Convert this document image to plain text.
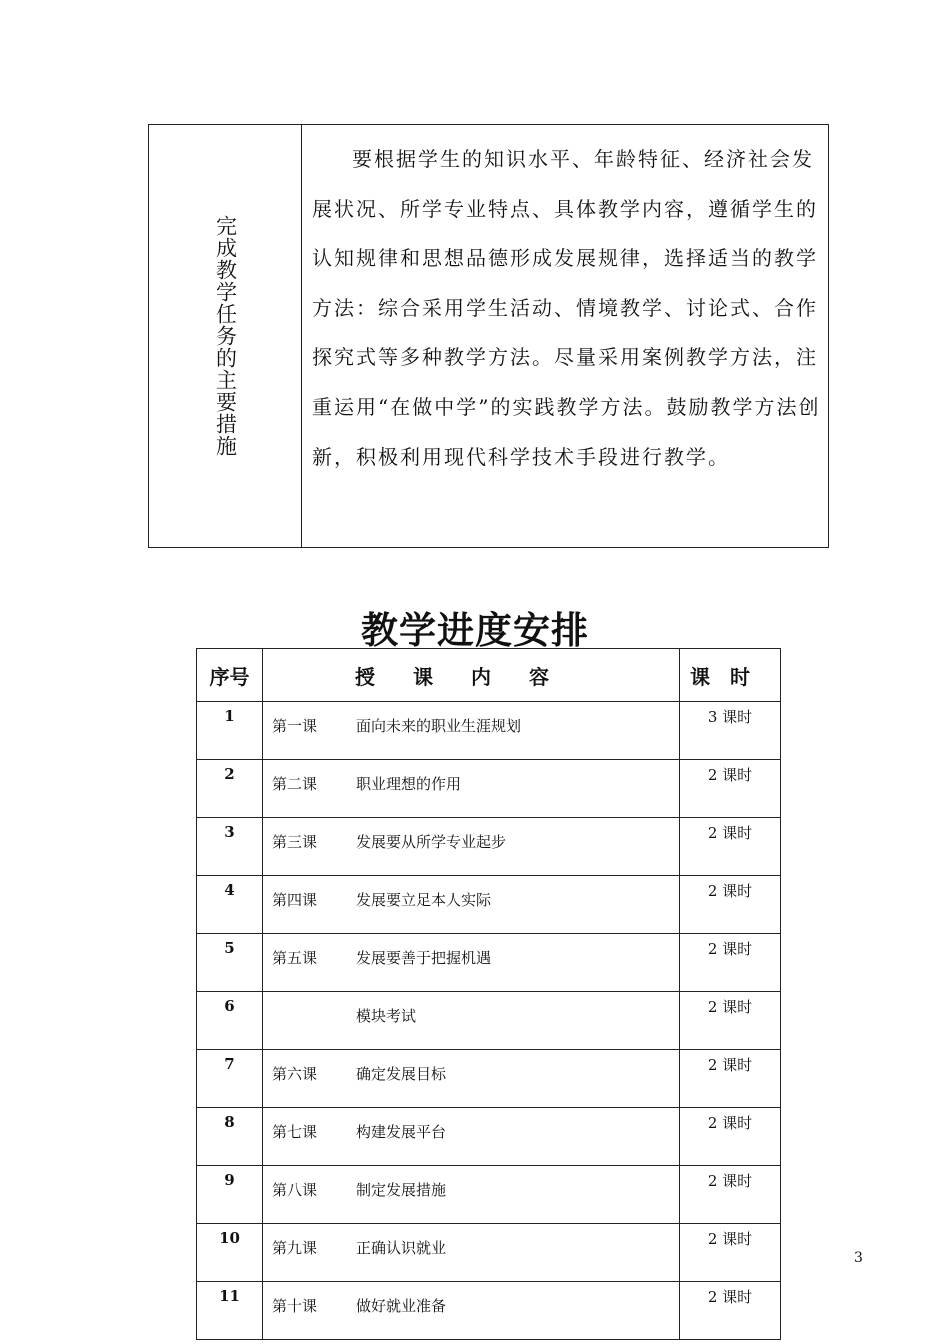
完成教学任务的主要措施

要根据学生的知识水平、年龄特征、经济社会发展状况、所学专业特点、具体教学内容，遵循学生的认知规律和思想品德形成发展规律，选择适当的教学方法：综合采用学生活动、情境教学、讨论式、合作探究式等多种教学方法。尽量采用案例教学方法，注重运用“在做中学”的实践教学方法。鼓励教学方法创新，积极利用现代科学技术手段进行教学。

教学进度安排
序号	授课内容	课时
1	第一课 面向未来的职业生涯规划	3 课时
2	第二课 职业理想的作用	2 课时
3	第三课 发展要从所学专业起步	2 课时
4	第四课 发展要立足本人实际	2 课时
5	第五课 发展要善于把握机遇	2 课时
6	模块考试	2 课时
7	第六课 确定发展目标	2 课时
8	第七课 构建发展平台	2 课时
9	第八课 制定发展措施	2 课时
10	第九课 正确认识就业	2 课时
11	第十课 做好就业准备	2 课时
3
